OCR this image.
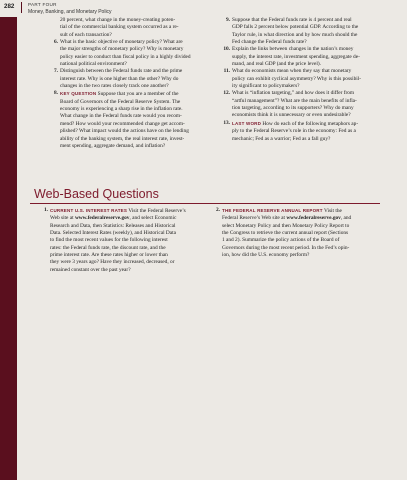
282	PART FOUR
Money, Banking, and Monetary Policy
20 percent, what change in the money-creating poten-
tial of the commercial banking system occurred as a re-
sult of each transaction?
6. What is the basic objective of monetary policy? What are
the major strengths of monetary policy? Why is monetary
policy easier to conduct than fiscal policy in a highly divided
national political environment?
7. Distinguish between the Federal funds rate and the prime
interest rate. Why is one higher than the other? Why do
changes in the two rates closely track one another?
8. KEY QUESTION Suppose that you are a member of the
Board of Governors of the Federal Reserve System. The
economy is experiencing a sharp rise in the inflation rate.
What change in the Federal funds rate would you recom-
mend? How would your recommended change get accom-
plished? What impact would the actions have on the lending
ability of the banking system, the real interest rate, invest-
ment spending, aggregate demand, and inflation?
9. Suppose that the Federal funds rate is 4 percent and real
GDP falls 2 percent below potential GDP. According to the
Taylor rule, in what direction and by how much should the
Fed change the Federal funds rate?
10. Explain the links between changes in the nation’s money
supply, the interest rate, investment spending, aggregate de-
mand, and real GDP (and the price level).
11. What do economists mean when they say that monetary
policy can exhibit cyclical asymmetry? Why is this possibil-
ity significant to policymakers?
12. What is “inflation targeting,” and how does it differ from
“artful management”? What are the main benefits of infla-
tion targeting, according to its supporters? Why do many
economists think it is unnecessary or even undesirable?
13. LAST WORD How do each of the following metaphors ap-
ply to the Federal Reserve’s role in the economy: Fed as a
mechanic; Fed as a warrior; Fed as a fall guy?
Web-Based Questions
1. CURRENT U.S. INTEREST RATES Visit the Federal Reserve’s
Web site at www.federalreserve.gov, and select Economic
Research and Data, then Statistics: Releases and Historical
Data. Selected Interest Rates (weekly), and Historical Data
to find the most recent values for the following interest
rates: the Federal funds rate, the discount rate, and the
prime interest rate. Are these rates higher or lower than
they were 3 years ago? Have they increased, decreased, or
remained constant over the past year?
2. THE FEDERAL RESERVE ANNUAL REPORT Visit the
Federal Reserve’s Web site at www.federalreserve.gov, and
select Monetary Policy and then Monetary Policy Report to
the Congress to retrieve the current annual report (Sections
1 and 2). Summarize the policy actions of the Board of
Governors during the most recent period. In the Fed’s opin-
ion, how did the U.S. economy perform?
